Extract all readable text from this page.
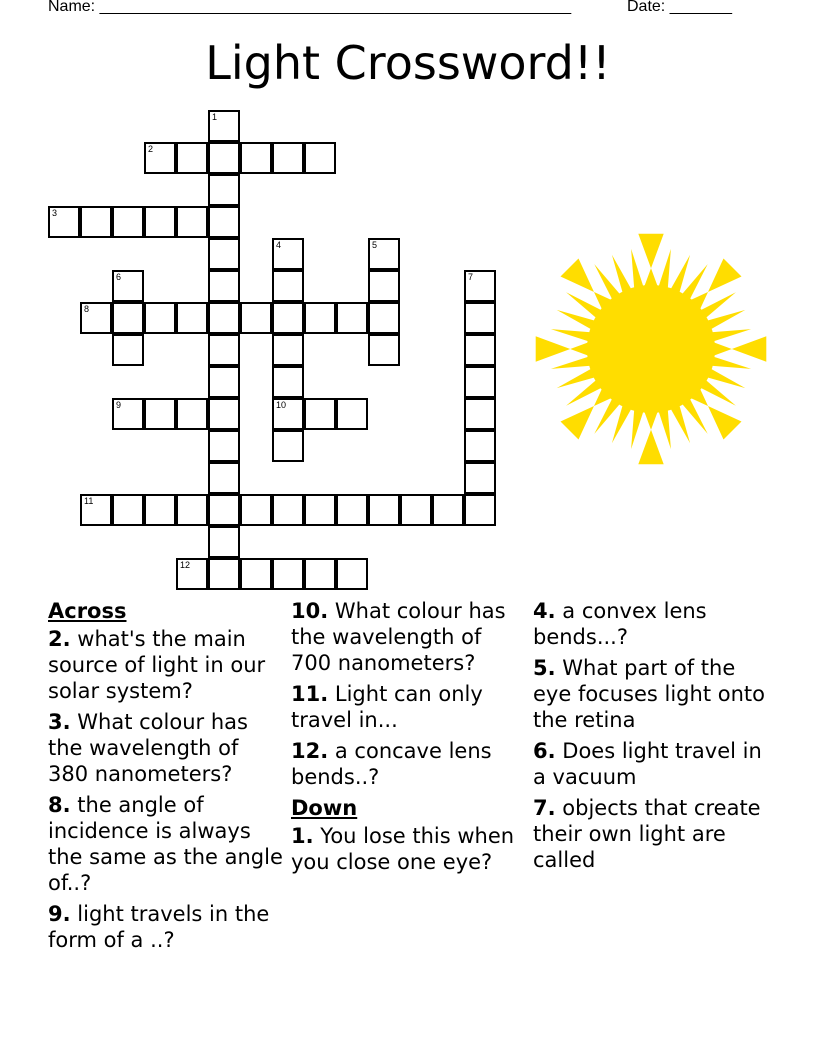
Name: _____________________________________________________	Date: _______
Light Crossword!!
1
2
3
4
10
5
6	7
8
9
11
12
Across
2. what's the main source of light in our solar system?
3. What colour has the wavelength of 380 nanometers?
8. the angle of incidence is always the same as the angle of..?
9. light travels in the form of a ..?
10. What colour has the wavelength of 700 nanometers?
11. Light can only travel in...
12. a concave lens bends..?
Down
1. You lose this when you close one eye?
4. a convex lens bends...?
5. What part of the eye focuses light onto the retina
6. Does light travel in a vacuum
7. objects that create their own light are called
